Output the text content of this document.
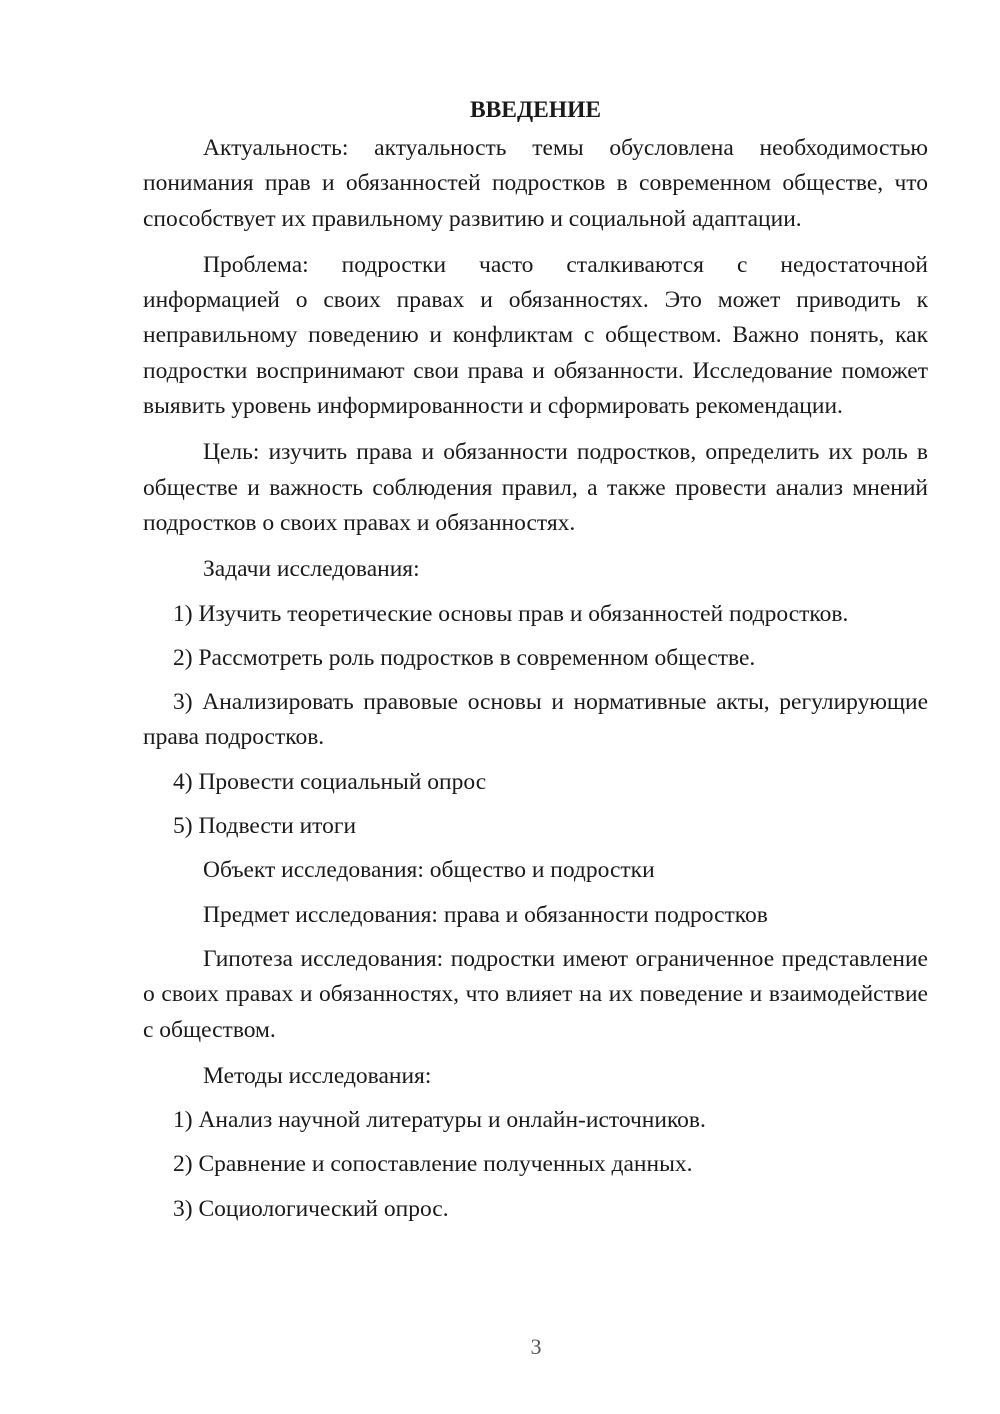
ВВЕДЕНИЕ

Актуальность: актуальность темы обусловлена необходимостью понимания прав и обязанностей подростков в современном обществе, что способствует их правильному развитию и социальной адаптации.

Проблема: подростки часто сталкиваются с недостаточной информацией о своих правах и обязанностях. Это может приводить к неправильному поведению и конфликтам с обществом. Важно понять, как подростки воспринимают свои права и обязанности. Исследование поможет выявить уровень информированности и сформировать рекомендации.

Цель: изучить права и обязанности подростков, определить их роль в обществе и важность соблюдения правил, а также провести анализ мнений подростков о своих правах и обязанностях.

Задачи исследования:

1) Изучить теоретические основы прав и обязанностей подростков.

2) Рассмотреть роль подростков в современном обществе.

3) Анализировать правовые основы и нормативные акты, регулирующие права подростков.

4) Провести социальный опрос

5) Подвести итоги

Объект исследования: общество и подростки

Предмет исследования: права и обязанности подростков

Гипотеза исследования: подростки имеют ограниченное представление о своих правах и обязанностях, что влияет на их поведение и взаимодействие с обществом.

Методы исследования:

1) Анализ научной литературы и онлайн-источников.

2) Сравнение и сопоставление полученных данных.

3) Социологический опрос.

3
